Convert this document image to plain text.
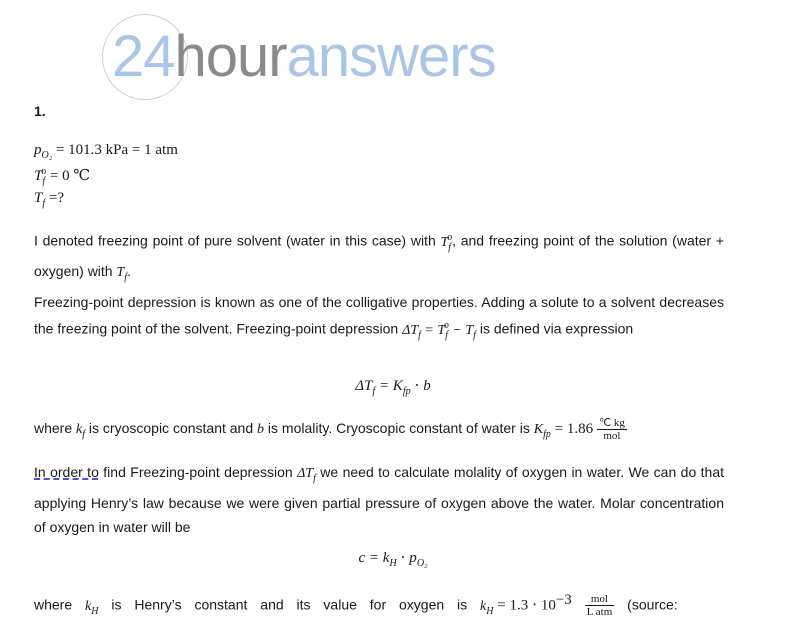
24houranswers
1.
$p_{O_2} = 101.3$ kPa = 1 atm
$T_f^o = 0$ ℃
$T_f$ =?
I denoted freezing point of pure solvent (water in this case) with $T_f^o$, and freezing point of the solution (water + oxygen) with $T_f$.
Freezing-point depression is known as one of the colligative properties. Adding a solute to a solvent decreases the freezing point of the solvent. Freezing-point depression $\Delta T_f = T_f^o - T_f$ is defined via expression
$\Delta T_f = K_{fp} \cdot b$
where $k_f$ is cryoscopic constant and b is molality. Cryoscopic constant of water is $K_{fp} = 1.86 \frac{℃ kg}{\text{mol}}$
In order to find Freezing-point depression $\Delta T_f$ we need to calculate molality of oxygen in water. We can do that applying Henry’s law because we were given partial pressure of oxygen above the water. Molar concentration of oxygen in water will be
$c = k_H \cdot p_{O_2}$
where $k_H$ is Henry’s constant and its value for oxygen is $k_H = 1.3 \cdot 10^{-3} \frac{\text{mol}}{\text{L atm}}$ (source:
